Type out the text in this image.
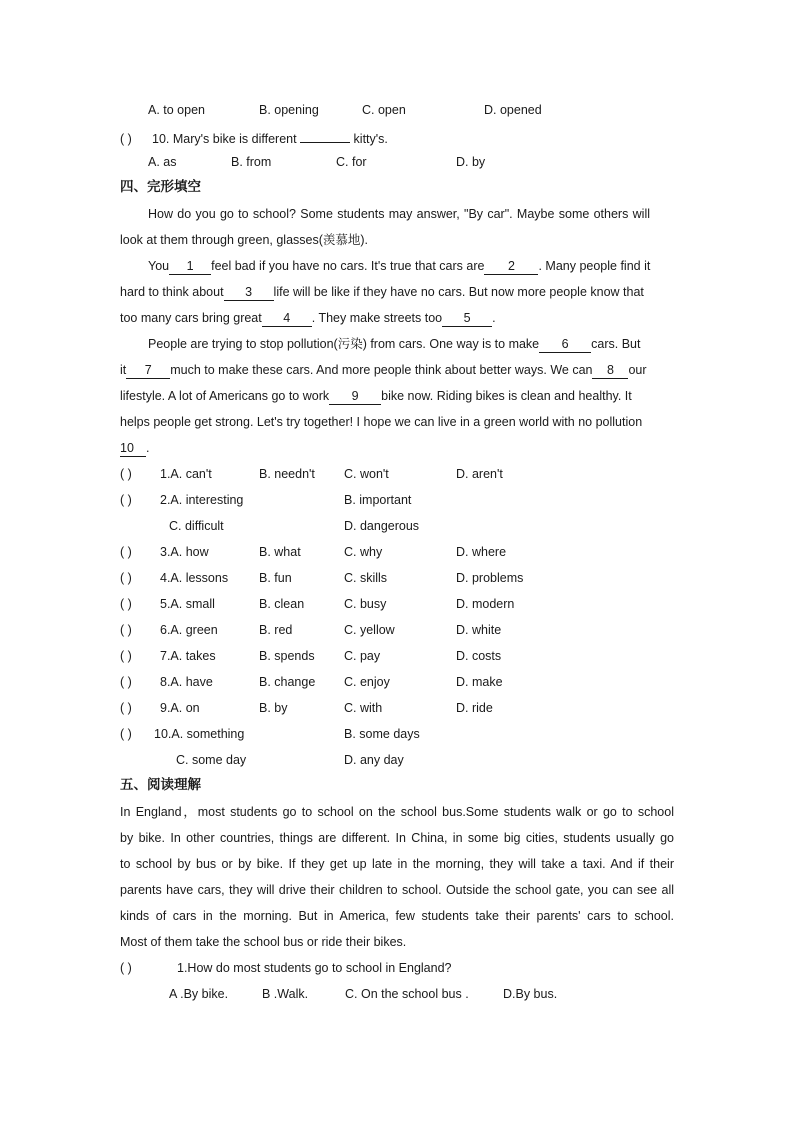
A. to open	B. opening	C. open	D. opened
( ) 10. Mary's bike is different	kitty's.
A. as	B. from	C. for	D. by
四、完形填空
How do you go to school? Some students may answer, "By car". Maybe some others will
look at them through green, glasses(羡慕地).
You 1 feel bad if you have no cars. It's true that cars are 2 . Many people find it
hard to think about 3 life will be like if they have no cars. But now more people know that
too many cars bring great 4 . They make streets too 5 .
People are trying to stop pollution(污染) from cars. One way is to make 6 cars. But
it 7 much to make these cars. And more people think about better ways. We can 8 our
lifestyle. A lot of Americans go to work 9 bike now. Riding bikes is clean and healthy. It
helps people get strong. Let's try together! I hope we can live in a green world with no pollution
10 .
( )	1.A. can't	B. needn't C. won't	D. aren't
( )	2.A. interesting	B. important
C. difficult	D. dangerous
( )	3.A. how	B. what	C. why	D. where
( )	4.A. lessons B. fun	C. skills	D. problems
( )	5.A. small	B. clean	C. busy	D. modern
( )	6.A. green	B. red	C. yellow	D. white
( )	7.A. takes	B. spends C. pay	D. costs
( )	8.A. have	B. change C. enjoy	D. make
( )	9.A. on	B. by	C. with	D. ride
( )	10.A. something	B. some days
C. some day	D. any day
五、阅读理解
In England，most students go to school on the school bus.Some students walk or go to school
by bike. In other countries, things are different. In China, in some big cities, students usually go
to school by bus or by bike. If they get up late in the morning, they will take a taxi. And if their
parents have cars, they will drive their children to school. Outside the school gate, you can see all
kinds of cars in the morning. But in America, few students take their parents' cars to school.
Most of them take the school bus or ride their bikes.
( )	1.How do most students go to school in England?
A .By bike.	B .Walk.	C. On the school bus .	D.By bus.
